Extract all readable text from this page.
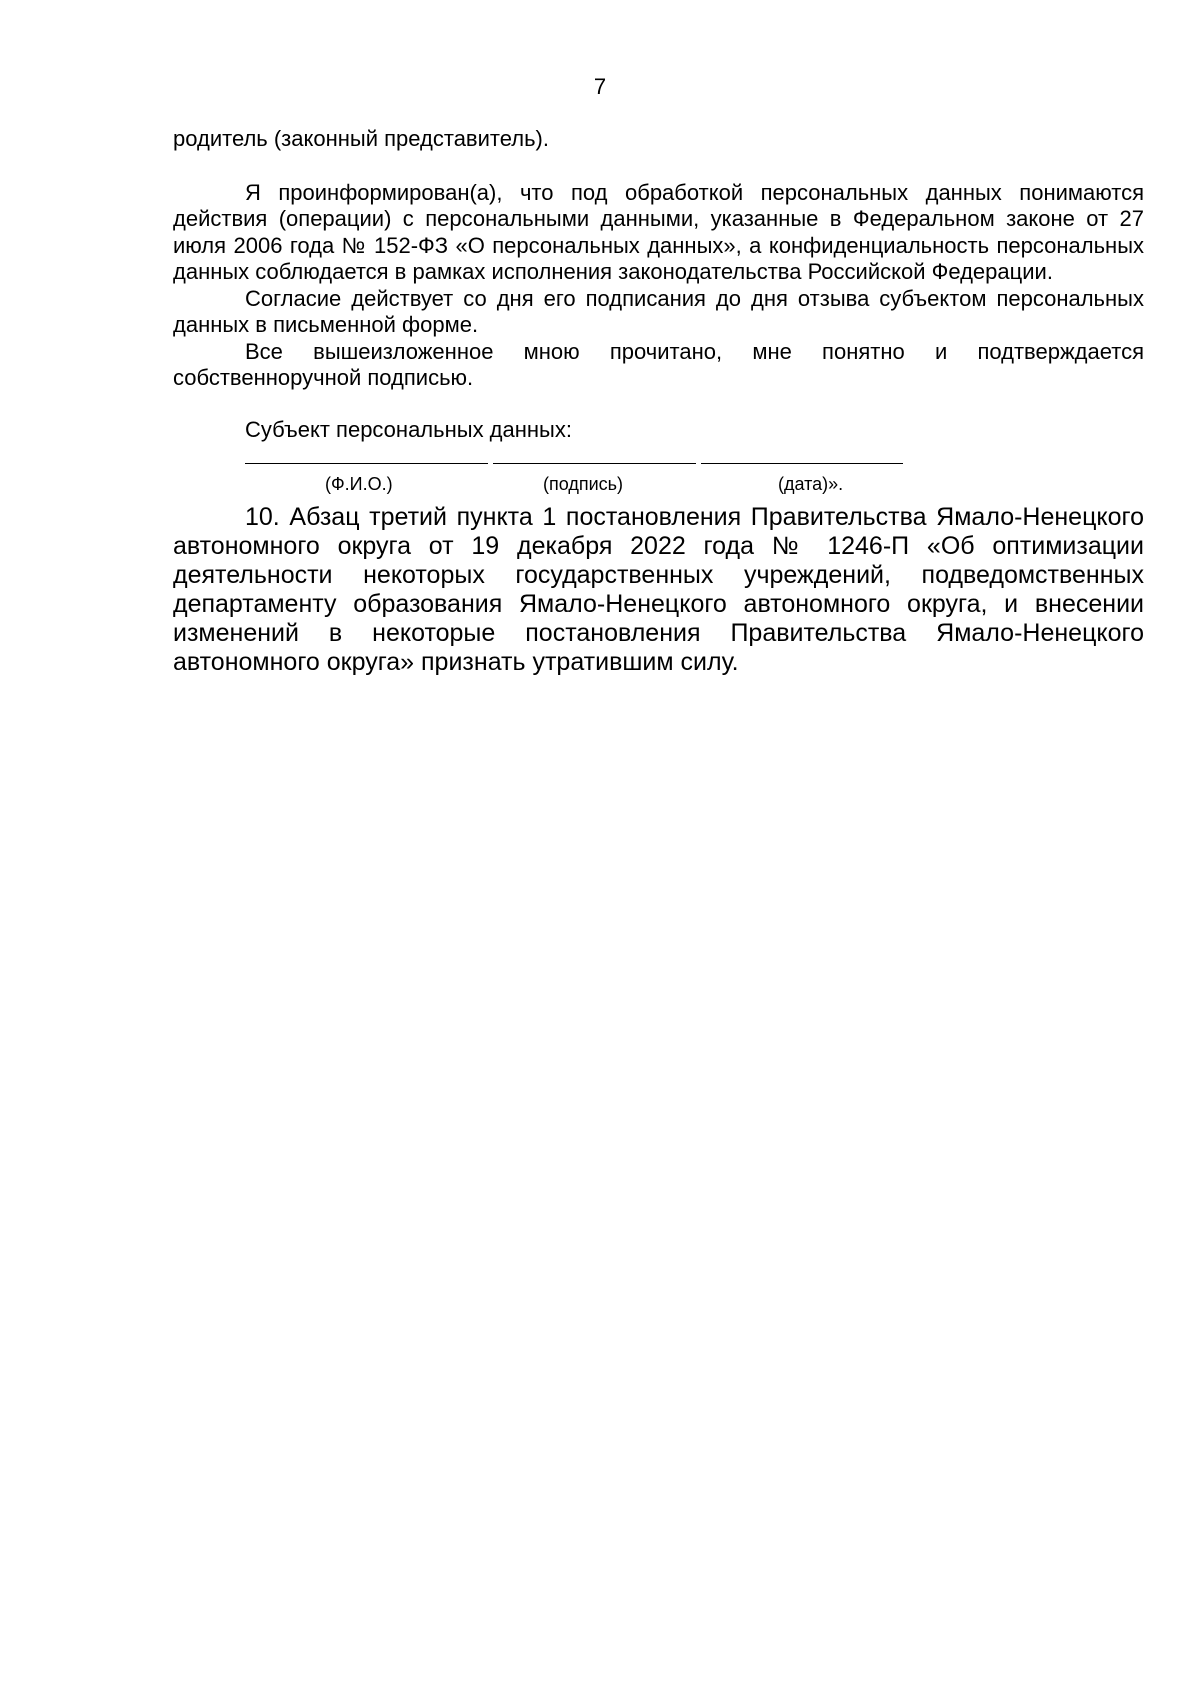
7

родитель (законный представитель).

Я проинформирован(а), что под обработкой персональных данных понимаются действия (операции) с персональными данными, указанные в Федеральном законе от 27 июля 2006 года № 152-ФЗ «О персональных данных», а конфиденциальность персональных данных соблюдается в рамках исполнения законодательства Российской Федерации.

Согласие действует со дня его подписания до дня отзыва субъектом персональных данных в письменной форме.

Все вышеизложенное мною прочитано, мне понятно и подтверждается собственноручной подписью.

Субъект персональных данных:

(Ф.И.О.)	(подпись)	(дата)».

10. Абзац третий пункта 1 постановления Правительства Ямало-Ненецкого автономного округа от 19 декабря 2022 года № 1246-П «Об оптимизации деятельности некоторых государственных учреждений, подведомственных департаменту образования Ямало-Ненецкого автономного округа, и внесении изменений в некоторые постановления Правительства Ямало-Ненецкого автономного округа» признать утратившим силу.
